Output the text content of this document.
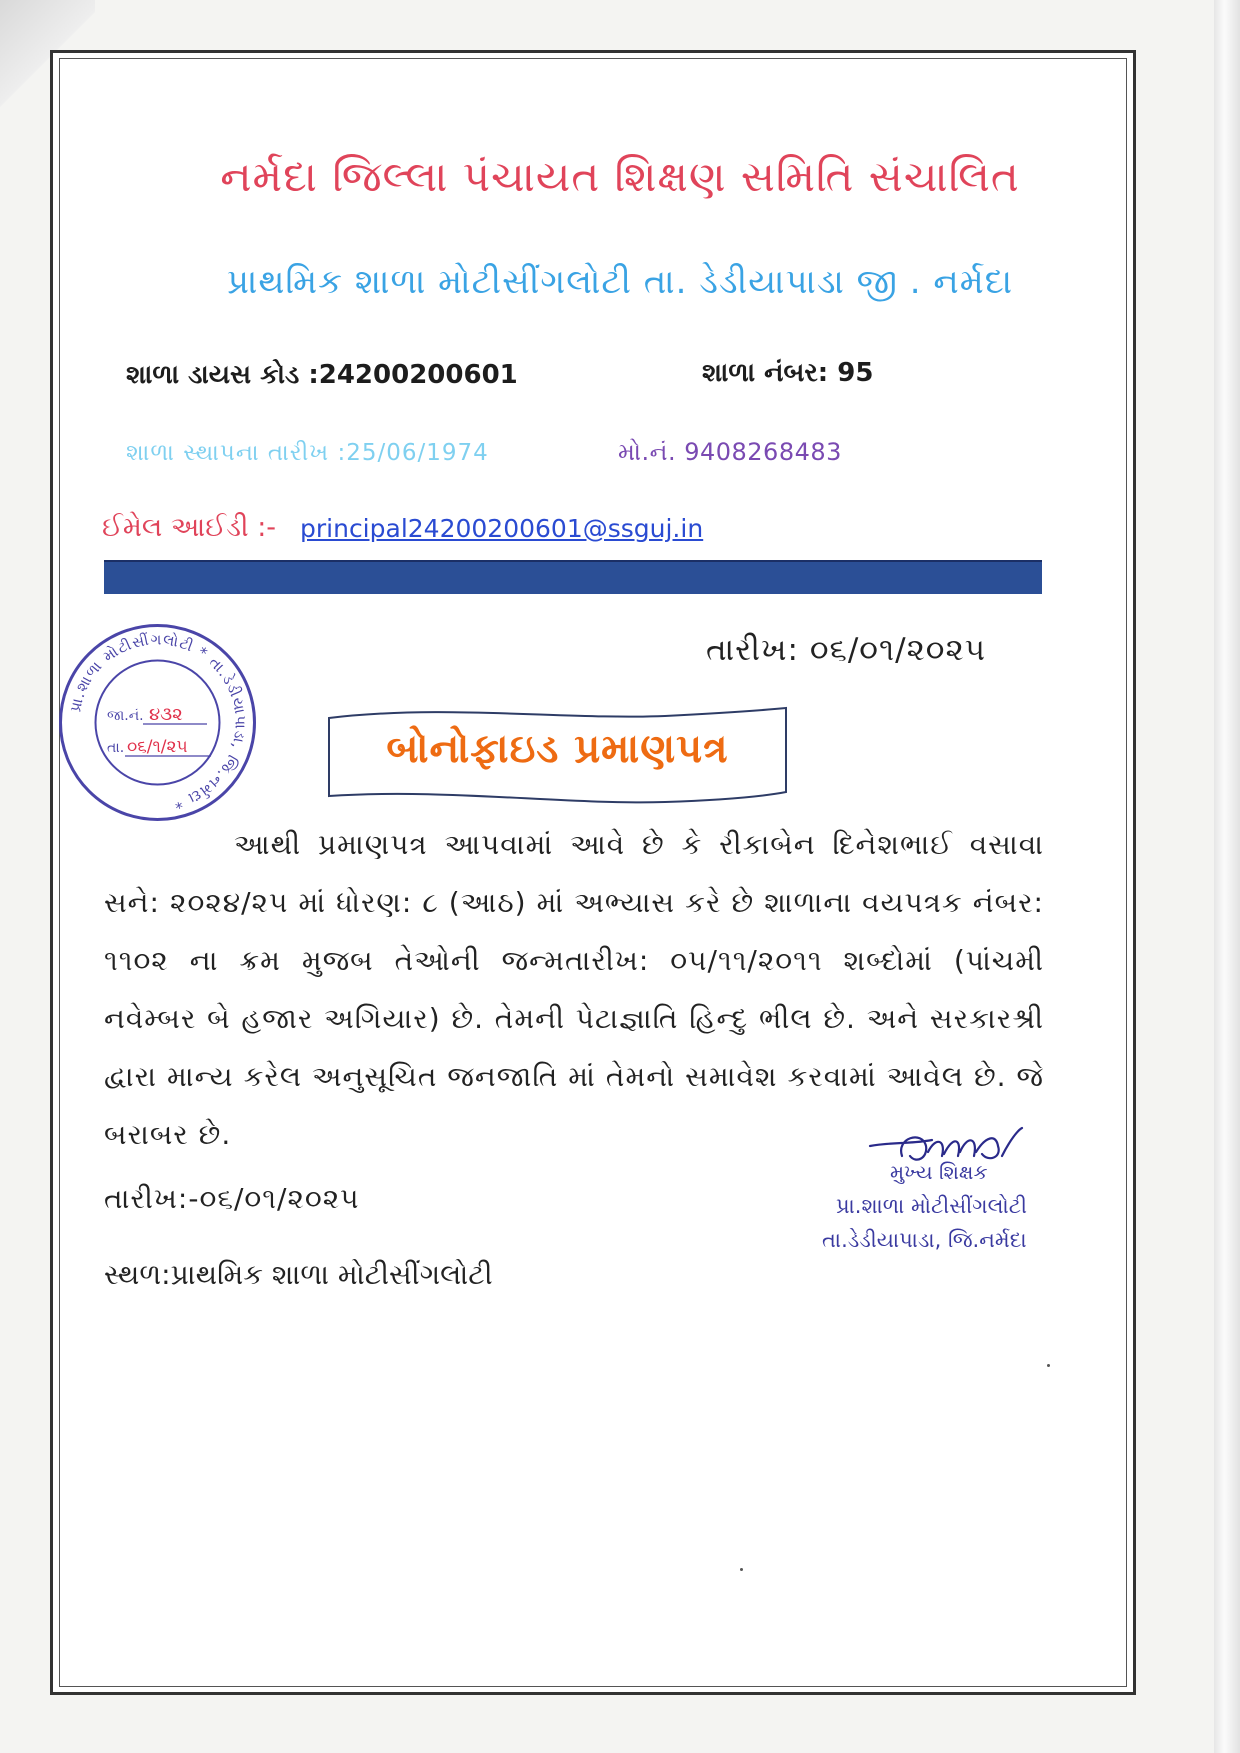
નર્મદા જિલ્લા પંચાયત શિક્ષણ સમિતિ સંચાલિત
પ્રાથમિક શાળા મોટીસીંગલોટી તા. ડેડીયાપાડા જી . નર્મદા
શાળા ડાયસ કોડ :24200200601	શાળા નંબર: 95
શાળા સ્થાપના તારીખ :25/06/1974	મો.નં. 9408268483
ઈમેલ આઈડી :- principal24200200601@ssguj.in
તારીખ: ૦૬/૦૧/૨૦૨૫
પ્રા.શાળા મોટીસીંગલોટી * તા.ડેડીયાપાડા, જિ.નર્મદા *
જા.નં. ૪૩૨
તા. ૦૬/૧/૨૫	બોનોફાઇડ પ્રમાણપત્ર
આથી પ્રમાણપત્ર આપવામાં આવે છે કે રીકાબેન દિનેશભાઈ વસાવા સને: ૨૦૨૪/૨૫ માં ધોરણ: ૮ (આઠ) માં અભ્યાસ કરે છે શાળાના વયપત્રક નંબર: ૧૧૦૨ ના ક્રમ મુજબ તેઓની જન્મતારીખ: ૦૫/૧૧/૨૦૧૧ શબ્દોમાં (પાંચમી નવેમ્બર બે હજાર અગિયાર) છે. તેમની પેટાજ્ઞાતિ હિન્દુ ભીલ છે. અને સરકારશ્રી દ્વારા માન્ય કરેલ અનુસૂચિત જનજાતિ માં તેમનો સમાવેશ કરવામાં આવેલ છે. જે બરાબર છે.
તારીખ:-૦૬/૦૧/૨૦૨૫
સ્થળ:પ્રાથમિક શાળા મોટીસીંગલોટી
મુખ્ય શિક્ષક
પ્રા.શાળા મોટીસીંગલોટી
તા.ડેડીયાપાડા, જિ.નર્મદા
